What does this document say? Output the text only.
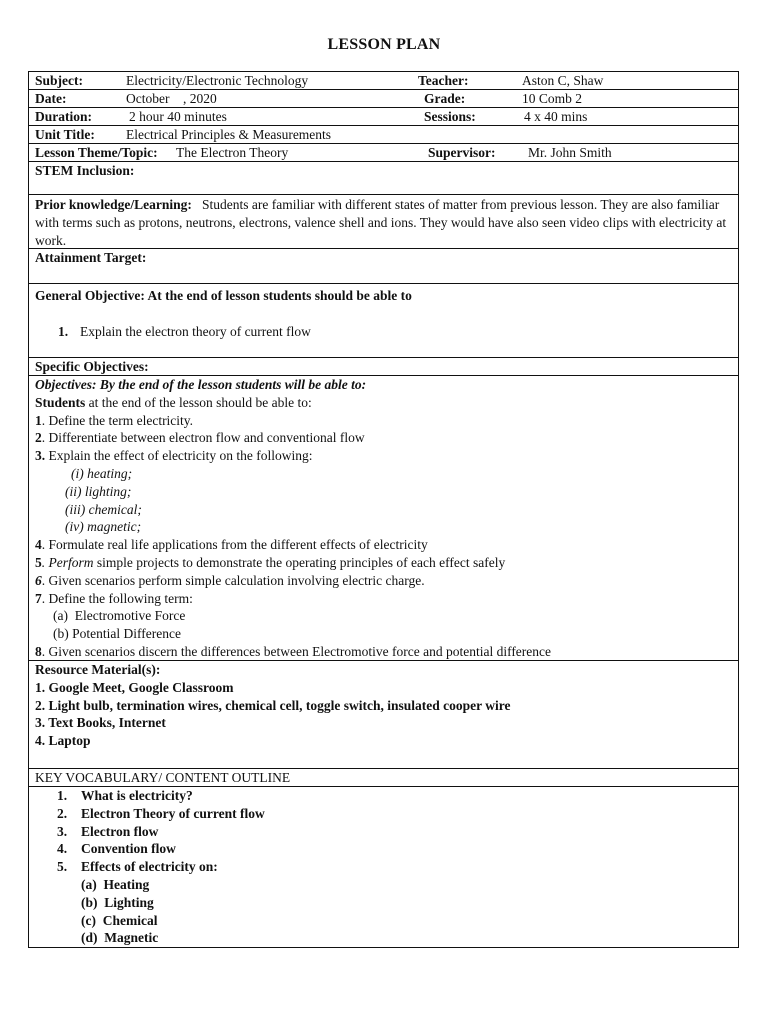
LESSON PLAN
Subject:	Electricity/Electronic Technology	Teacher:	Aston C, Shaw
Date:	October    , 2020	Grade:	10 Comb 2
Duration:	2 hour 40 minutes	Sessions:	4 x 40 mins
Unit Title: Electrical Principles & Measurements
Lesson Theme/Topic: The Electron Theory	Supervisor: Mr. John Smith
STEM Inclusion:
Prior knowledge/Learning: Students are familiar with different states of matter from previous lesson. They are also familiar with terms such as protons, neutrons, electrons, valence shell and ions. They would have also seen video clips with electricity at work.
Attainment Target:
General Objective: At the end of lesson students should be able to
1. Explain the electron theory of current flow
Specific Objectives:
Objectives: By the end of the lesson students will be able to:
Students at the end of the lesson should be able to:
1. Define the term electricity.
2. Differentiate between electron flow and conventional flow
3. Explain the effect of electricity on the following:
(i) heating;
(ii) lighting;
(iii) chemical;
(iv) magnetic;
4. Formulate real life applications from the different effects of electricity
5. Perform simple projects to demonstrate the operating principles of each effect safely
6. Given scenarios perform simple calculation involving electric charge.
7. Define the following term:
(a)  Electromotive Force
(b) Potential Difference
8. Given scenarios discern the differences between Electromotive force and potential difference
Resource Material(s):
1. Google Meet, Google Classroom
2. Light bulb, termination wires, chemical cell, toggle switch, insulated cooper wire
3. Text Books, Internet
4. Laptop
KEY VOCABULARY/ CONTENT OUTLINE
1. What is electricity?
2. Electron Theory of current flow
3. Electron flow
4. Convention flow
5. Effects of electricity on:
(a)  Heating
(b)  Lighting
(c)  Chemical
(d)  Magnetic
